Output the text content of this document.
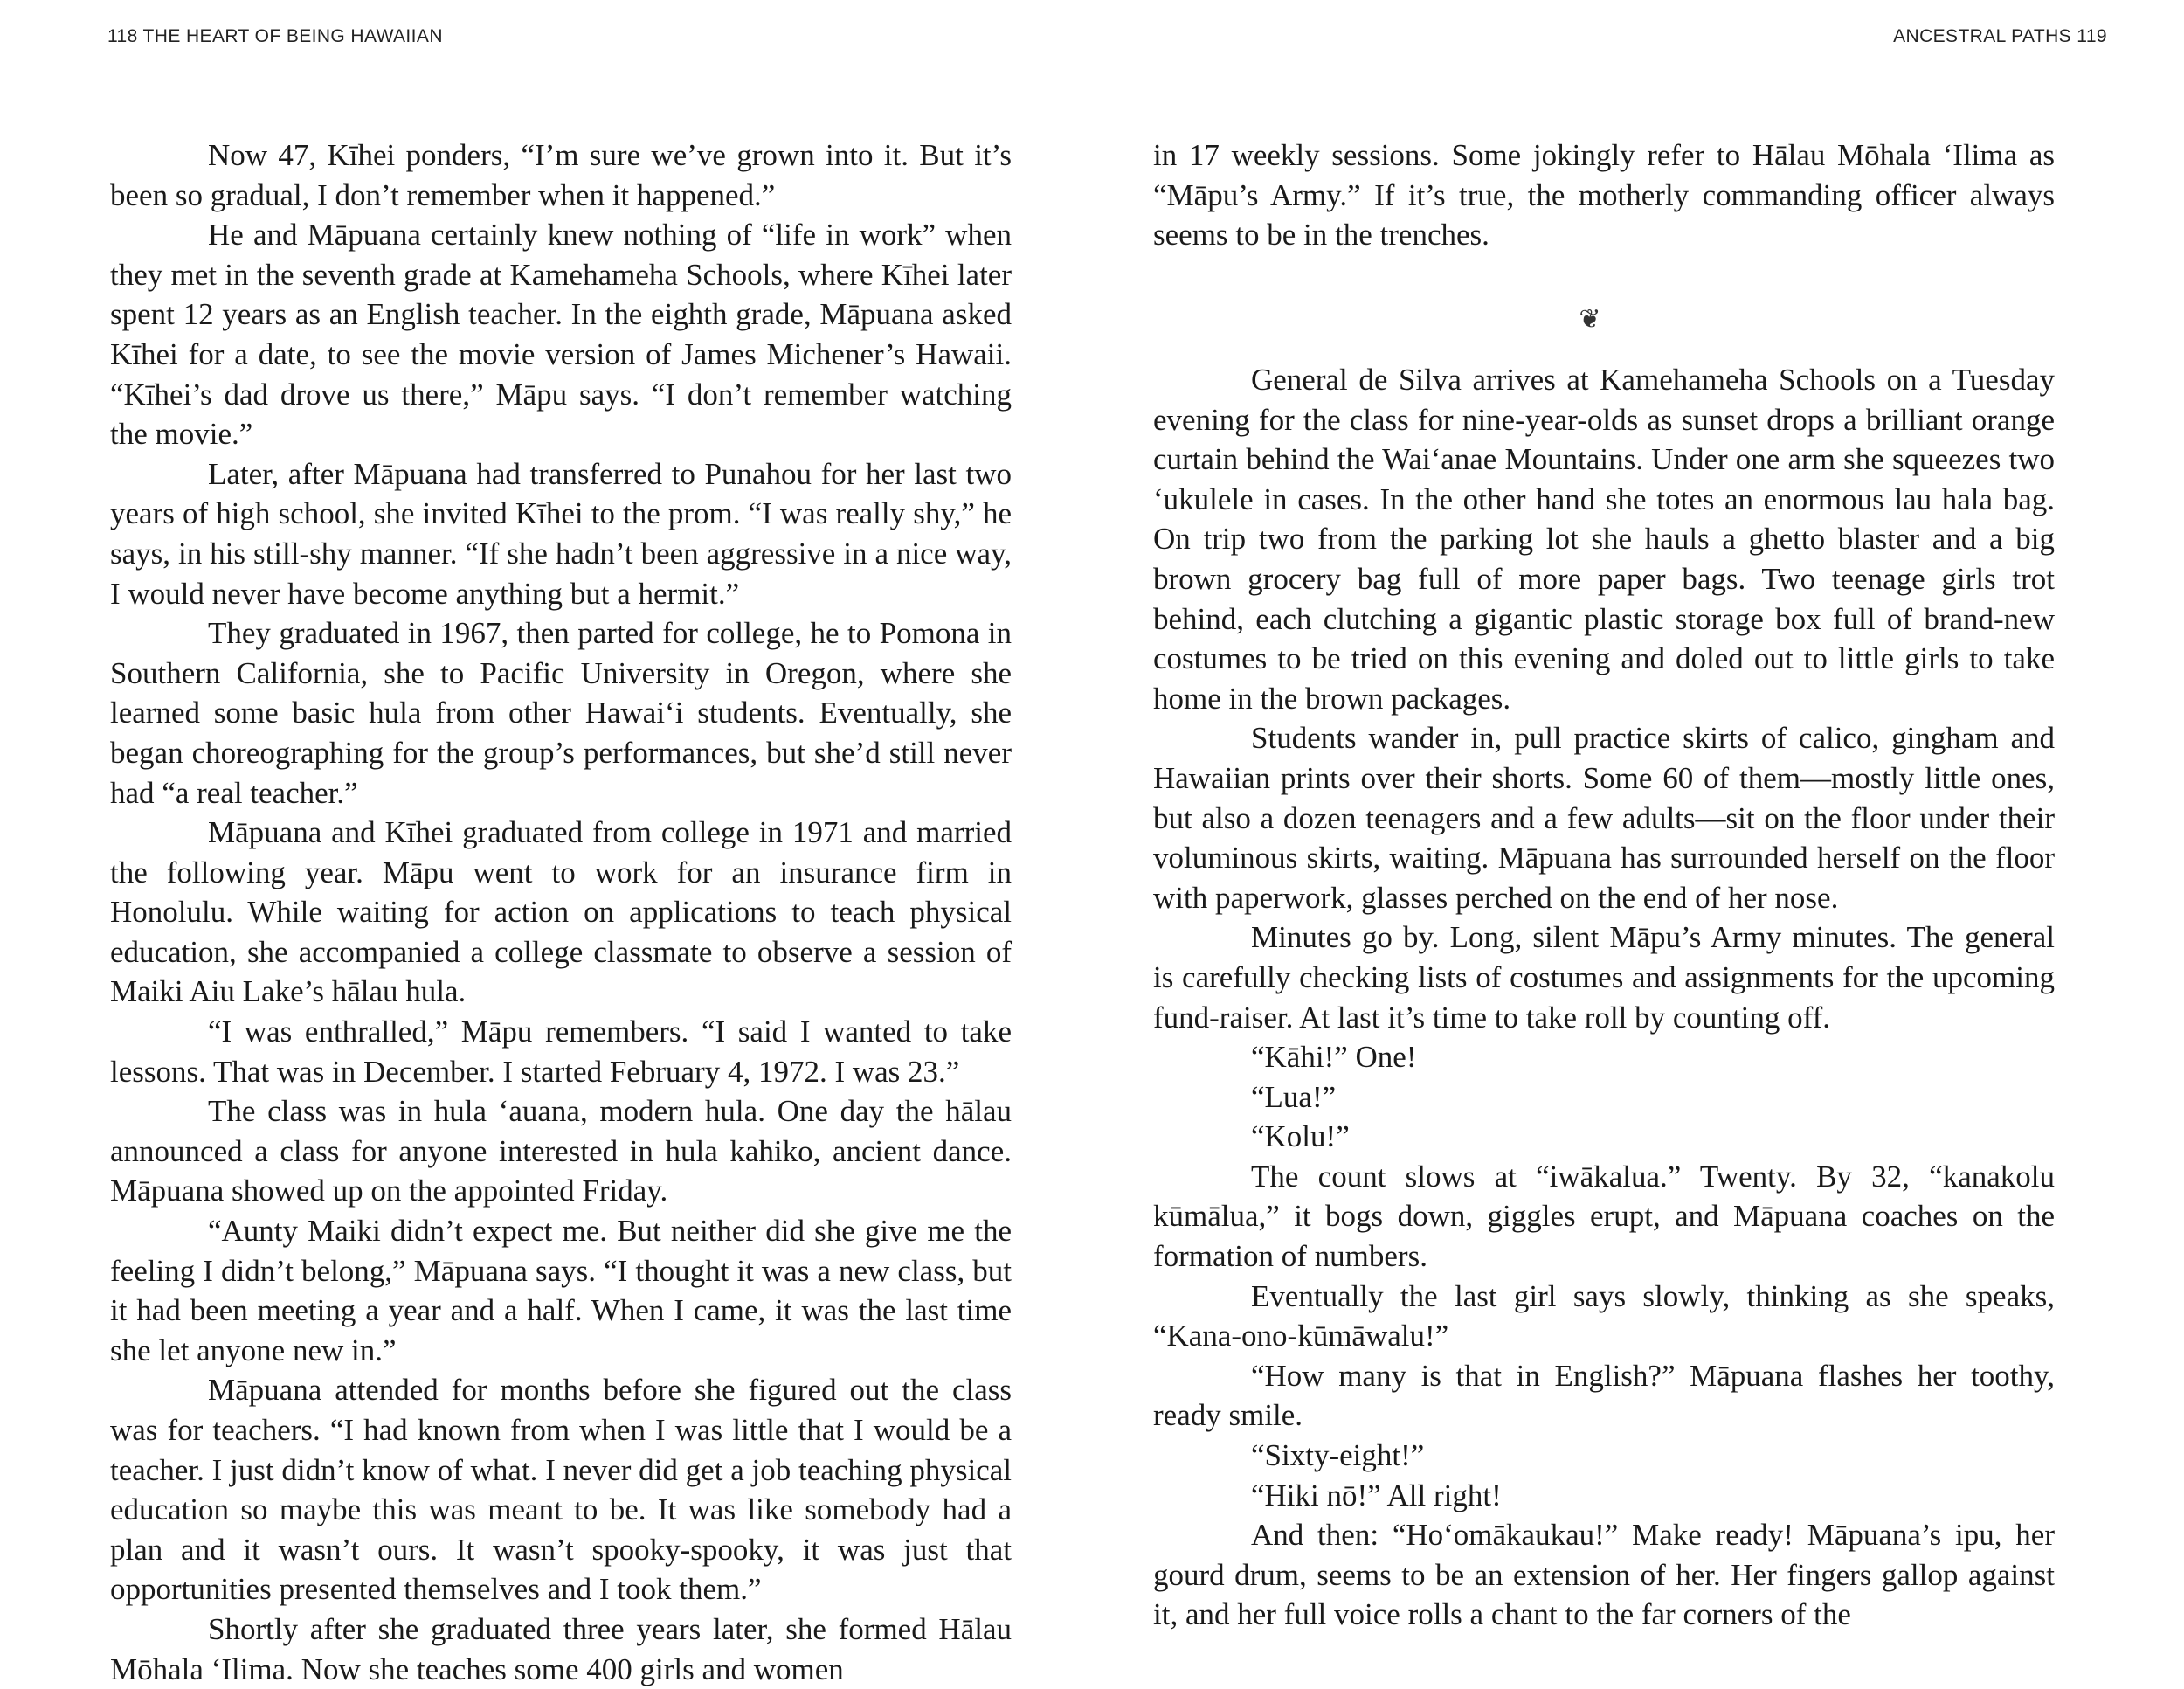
118 THE HEART OF BEING HAWAIIAN

Now 47, Kīhei ponders, “I’m sure we’ve grown into it. But it’s been so gradual, I don’t remember when it happened.”

He and Māpuana certainly knew nothing of “life in work” when they met in the seventh grade at Kamehameha Schools, where Kīhei later spent 12 years as an English teacher. In the eighth grade, Māpuana asked Kīhei for a date, to see the movie version of James Michener’s Hawaii. “Kīhei’s dad drove us there,” Māpu says. “I don’t remember watching the movie.”

Later, after Māpuana had transferred to Punahou for her last two years of high school, she invited Kīhei to the prom. “I was really shy,” he says, in his still-shy manner. “If she hadn’t been aggressive in a nice way, I would never have become anything but a hermit.”

They graduated in 1967, then parted for college, he to Pomona in Southern California, she to Pacific University in Oregon, where she learned some basic hula from other Hawai‘i students. Eventually, she began choreographing for the group’s performances, but she’d still never had “a real teacher.”

Māpuana and Kīhei graduated from college in 1971 and married the following year. Māpu went to work for an insurance firm in Honolulu. While waiting for action on applications to teach physical education, she accompanied a college classmate to observe a session of Maiki Aiu Lake’s hālau hula.

“I was enthralled,” Māpu remembers. “I said I wanted to take lessons. That was in December. I started February 4, 1972. I was 23.”

The class was in hula ‘auana, modern hula. One day the hālau announced a class for anyone interested in hula kahiko, ancient dance. Māpuana showed up on the appointed Friday.

“Aunty Maiki didn’t expect me. But neither did she give me the feeling I didn’t belong,” Māpuana says. “I thought it was a new class, but it had been meeting a year and a half. When I came, it was the last time she let anyone new in.”

Māpuana attended for months before she figured out the class was for teachers. “I had known from when I was little that I would be a teacher. I just didn’t know of what. I never did get a job teaching physical education so maybe this was meant to be. It was like somebody had a plan and it wasn’t ours. It wasn’t spooky-spooky, it was just that opportunities presented themselves and I took them.”

Shortly after she graduated three years later, she formed Hālau Mōhala ‘Ilima. Now she teaches some 400 girls and women

ANCESTRAL PATHS 119

in 17 weekly sessions. Some jokingly refer to Hālau Mōhala ‘Ilima as “Māpu’s Army.” If it’s true, the motherly commanding officer always seems to be in the trenches.

❦

General de Silva arrives at Kamehameha Schools on a Tuesday evening for the class for nine-year-olds as sunset drops a brilliant orange curtain behind the Wai‘anae Mountains. Under one arm she squeezes two ‘ukulele in cases. In the other hand she totes an enormous lau hala bag. On trip two from the parking lot she hauls a ghetto blaster and a big brown grocery bag full of more paper bags. Two teenage girls trot behind, each clutching a gigantic plastic storage box full of brand-new costumes to be tried on this evening and doled out to little girls to take home in the brown packages.

Students wander in, pull practice skirts of calico, gingham and Hawaiian prints over their shorts. Some 60 of them—mostly little ones, but also a dozen teenagers and a few adults—sit on the floor under their voluminous skirts, waiting. Māpuana has surrounded herself on the floor with paperwork, glasses perched on the end of her nose.

Minutes go by. Long, silent Māpu’s Army minutes. The general is carefully checking lists of costumes and assignments for the upcoming fund-raiser. At last it’s time to take roll by counting off.

“Kāhi!” One!

“Lua!”

“Kolu!”

The count slows at “iwākalua.” Twenty. By 32, “kanakolu kūmālua,” it bogs down, giggles erupt, and Māpuana coaches on the formation of numbers.

Eventually the last girl says slowly, thinking as she speaks, “Kana-ono-kūmāwalu!”

“How many is that in English?” Māpuana flashes her toothy, ready smile.

“Sixty-eight!”

“Hiki nō!” All right!

And then: “Ho‘omākaukau!” Make ready! Māpuana’s ipu, her gourd drum, seems to be an extension of her. Her fingers gallop against it, and her full voice rolls a chant to the far corners of the
